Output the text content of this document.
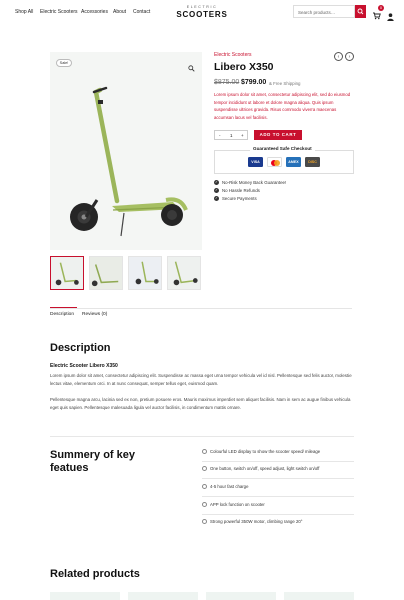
Shop All Electric Scooters Accessories About Contact
ELECTRIC
SCOOTERS	Search products…
0
Sale!
Electric Scooters	‹	›
Libero X350
$875.00 $799.00 & Free Shipping
Lorem ipsum dolor sit amet, consectetur adipiscing elit, sed do eiusmod tempor incididunt ut labore et dolore magna aliqua. Quis ipsum suspendisse ultrices gravida. Risus commodo viverra maecenas accumsan lacus vel facilisis.
- 1 +	ADD TO CART
Guaranteed Safe Checkout
VISA	AMEX	DISC
✓ No-Risk Money Back Guarantee!
✓ No Hassle Refunds
✓ Secure Payments
Description Reviews (0)
Description
Electric Scooter Libero X350
Lorem ipsum dolor sit amet, consectetur adipiscing elit. Suspendisse ac massa eget urna tempor vehicula vel id nisl. Pellentesque sed felis auctor, molestie lectus vitae, elementum orci. In at nunc consequat, semper tellus eget, euismod quam.
Pellentesque magna arcu, lacinia sed ex non, pretium posuere eros. Mauris maximus imperdiet sem aliquet facilisis. Nam in sem ac augue finibus vehicula eget quis sapien. Pellentesque malesuada ligula vel auctor facilisis, in condimentum mattis ornare.
Summery of key featues
Colourful LED display to show the scooter speed/ mileage
One button, switch on/off, speed adjust, light switch on/off
4-5 hour fast charge
APP lock function on scooter
Strong powerful 350W motor, climbing range 20°
Related products
